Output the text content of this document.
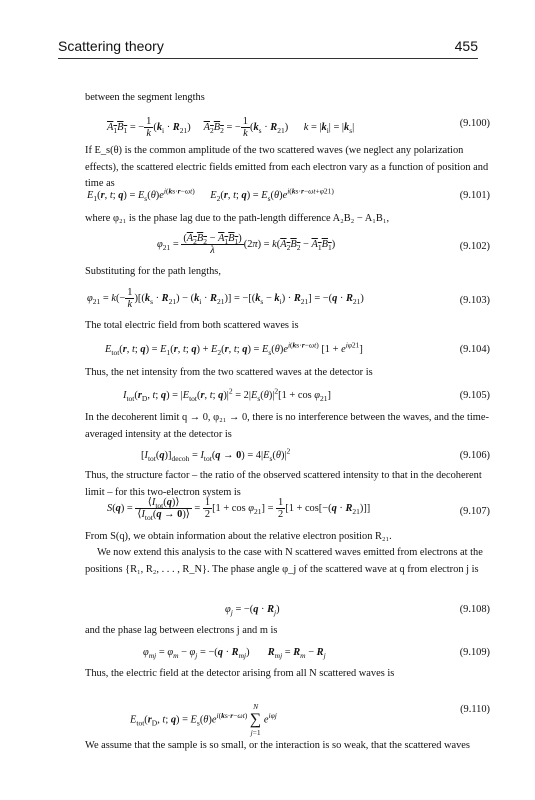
Scattering theory	455

between the segment lengths

$A_1B_1$ = − $\frac{1}{k} (k_i \cdot R_{21})$     $A_2B_2$ = − $\frac{1}{k} (k_s \cdot R_{21})$      $k = |k_i| = |k_s|$	(9.100)

If E_s(θ) is the common amplitude of the two scattered waves (we neglect any polarization effects), the scattered electric fields emitted from each electron vary as a function of position and time as

$E_1(r$, t; $q) = E_s(\theta)e^{i(ks\cdot r-\omega t)}$ $E_2(r$, t; $q) = E_s(\theta)e^{i(ks\cdot r-\omega t+\varphi 21)}$	(9.101)

where φ₂₁ is the phase lag due to the path-length difference A₂B₂ − A₁B₁,

$\varphi_{21} = \frac{(A_2B_2 - A_1B_1)}{\lambda} (2\pi) = k(A_2B_2 - A_1B_1)$	(9.102)

Substituting for the path lengths,

$\varphi_{21} = k(- \frac{1}{k} )[(k_s \cdot R_{21}) - (k_i \cdot R_{21})] = -[(k_s - k_i) \cdot R_{21}] = -(q \cdot R_{21})$	(9.103)

The total electric field from both scattered waves is

$E_{tot}(r$, t; $q) = E_1(r$, t; $q) + E_2(r$, t; $q) = E_s(\theta)e^{i(ks\cdot r-\omega t)}$ $[1 + e^{i\varphi 21}]$	(9.104)

Thus, the net intensity from the two scattered waves at the detector is

$I_{tot}(r_D$, t; $q) = |E_{tot}(r$, t; $q)|^2 = 2|E_s(\theta)|^2[1 + \cos \varphi_{21}]$	(9.105)

In the decoherent limit q → 0, φ₂₁ → 0, there is no interference between the waves, and the time-averaged intensity at the detector is

$[I_{tot}(q)]_{decoh} = I_{tot}(q \to 0) = 4|E_s(\theta)|^2$	(9.106)

Thus, the structure factor – the ratio of the observed scattered intensity to that in the decoherent limit – for this two-electron system is

$S(q) = \frac{⟨I_{tot}(q)⟩}{⟨I_{tot}(q \to 0)⟩} = \frac{1}{2} [1 + \cos \varphi_{21}] = \frac{1}{2} [1 + \cos[-(q \cdot R_{21})]]$	(9.107)

From S(q), we obtain information about the relative electron position R₂₁.

We now extend this analysis to the case with N scattered waves emitted from electrons at the positions {R₁, R₂, . . . , R_N}. The phase angle φ_j of the scattered wave at q from electron j is

$\varphi_j = -(q \cdot R_j)$	(9.108)

and the phase lag between electrons j and m is

$\varphi_{mj} = \varphi_m - \varphi_j = -(q \cdot R_{mj})$       $R_{mj} = R_m - R_j$	(9.109)

Thus, the electric field at the detector arising from all N scattered waves is

$E_{tot}(r_D$, t; $q) = E_s(\theta)e^{i(ks\cdot r-\omega t)}$
N
∑
j=1
$e^{i\varphi j}$
(9.110)

We assume that the sample is so small, or the interaction is so weak, that the scattered waves
